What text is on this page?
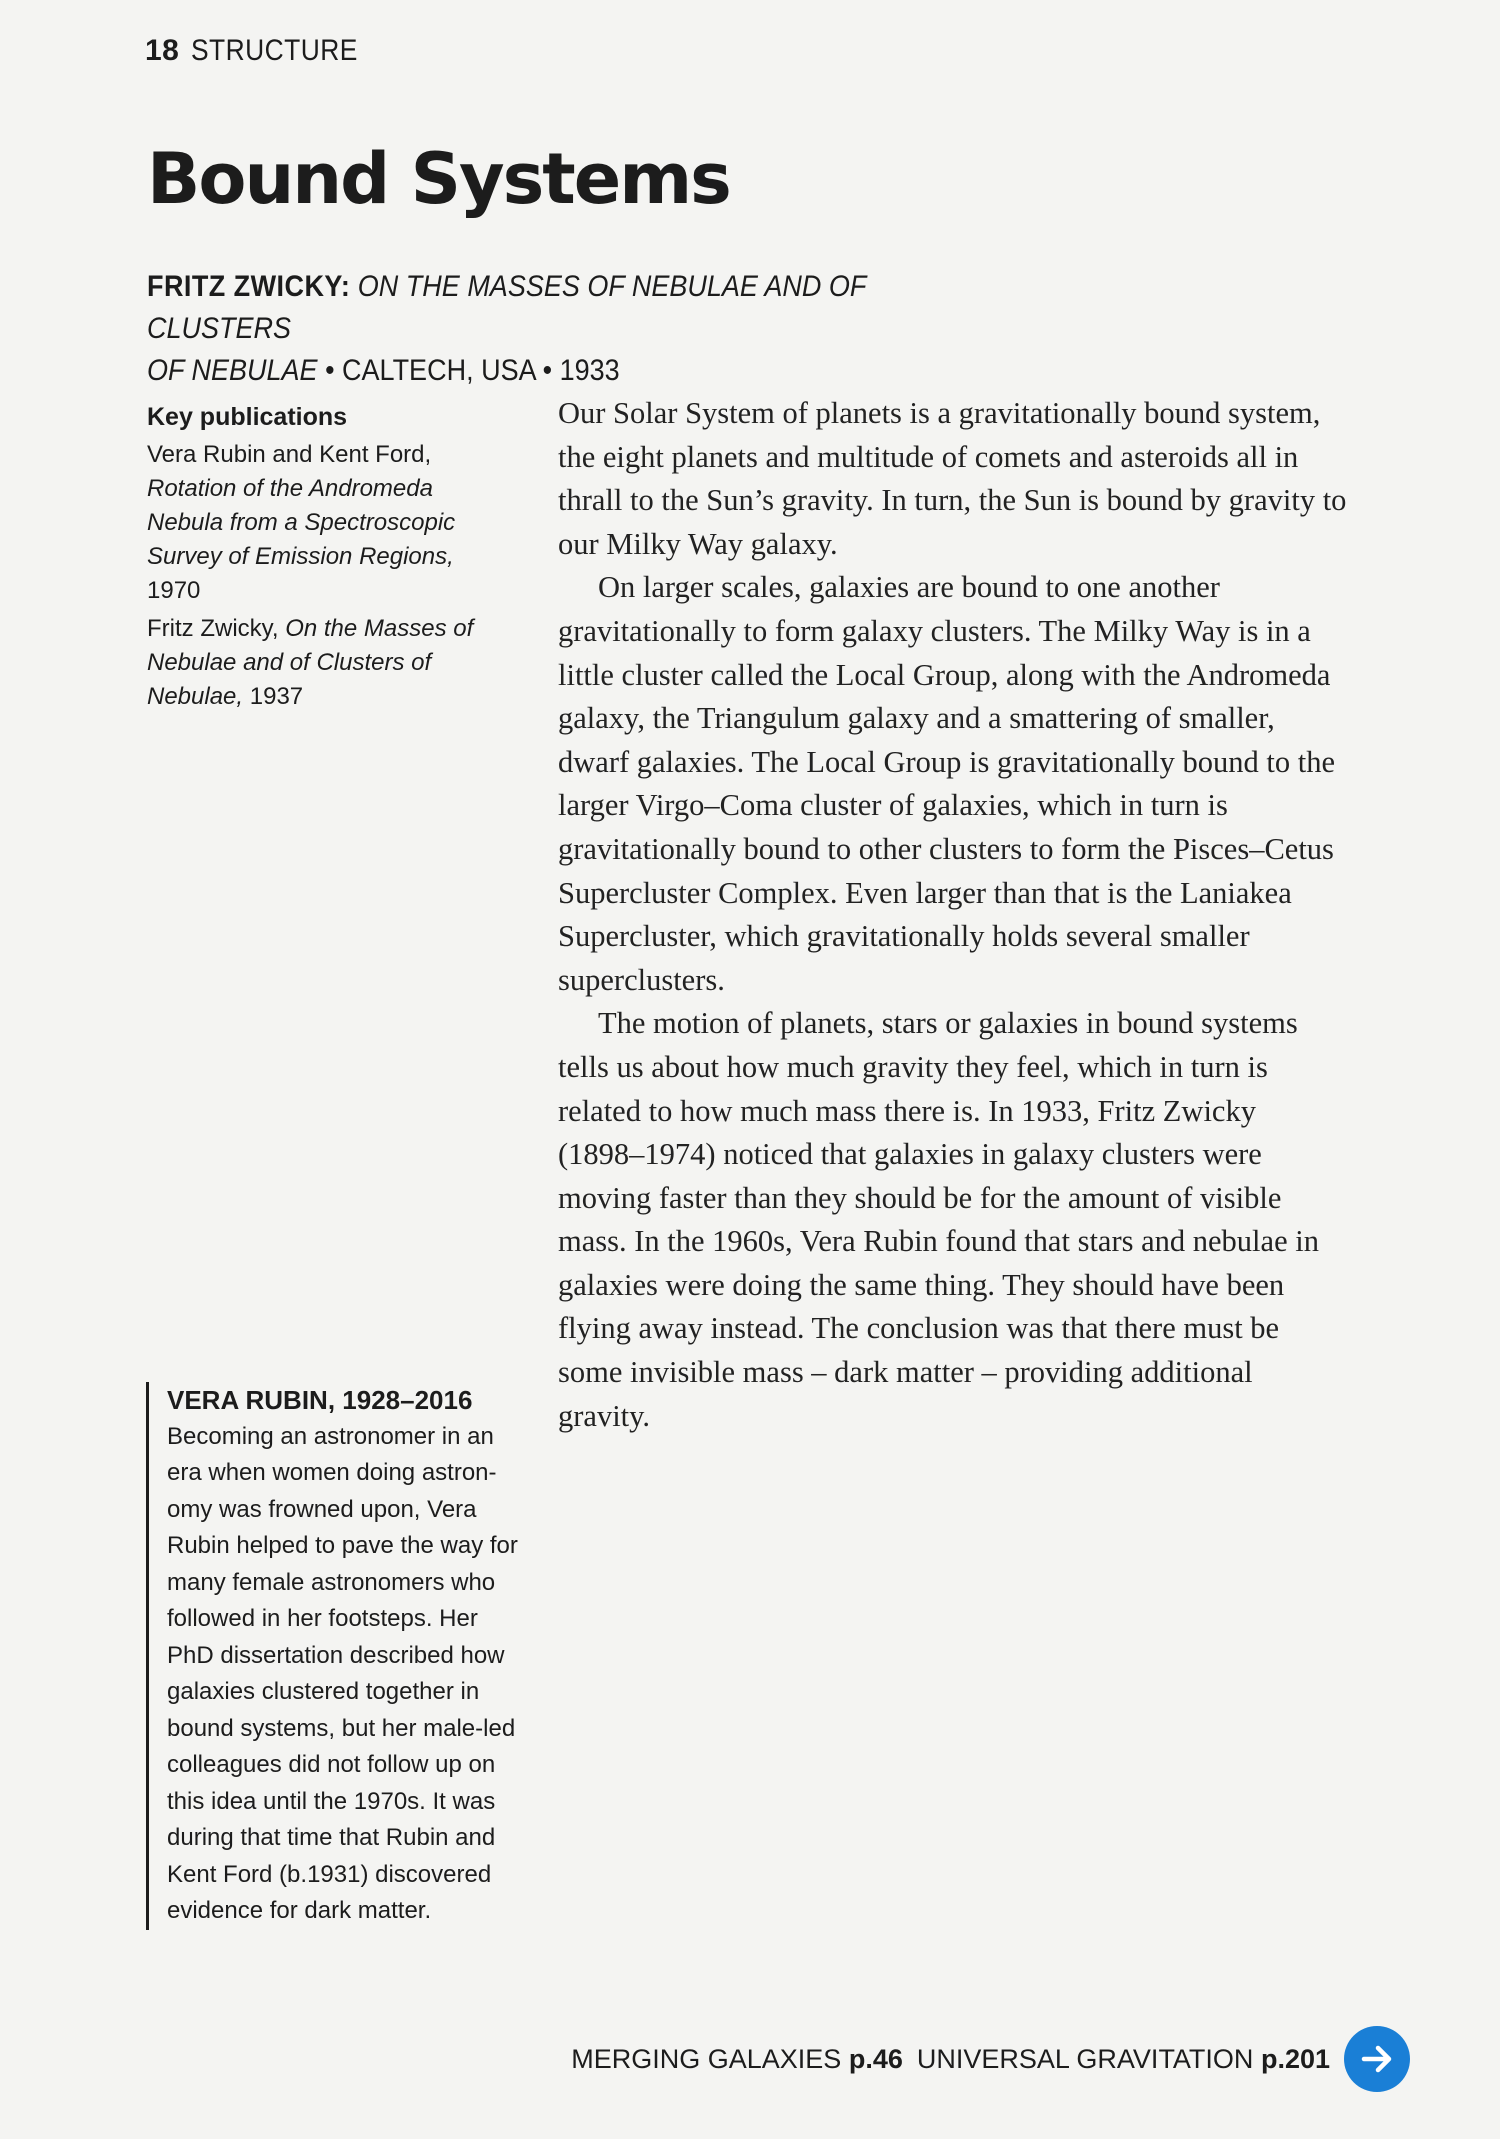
18 STRUCTURE
Bound Systems
FRITZ ZWICKY: ON THE MASSES OF NEBULAE AND OF CLUSTERS
OF NEBULAE • CALTECH, USA • 1933
Key publications
Vera Rubin and Kent Ford, Rotation of the Andromeda Nebula from a Spectroscopic Survey of Emission Regions, 1970
Fritz Zwicky, On the Masses of Nebulae and of Clusters of Nebulae, 1937
VERA RUBIN, 1928–2016
Becoming an astronomer in an era when women doing astron-omy was frowned upon, Vera Rubin helped to pave the way for many female astronomers who followed in her footsteps. Her PhD dissertation described how galaxies clustered together in bound systems, but her male-led colleagues did not follow up on this idea until the 1970s. It was during that time that Rubin and Kent Ford (b.1931) discovered evidence for dark matter.

Our Solar System of planets is a gravitationally bound system, the eight planets and multitude of comets and asteroids all in thrall to the Sun’s gravity. In turn, the Sun is bound by gravity to our Milky Way galaxy.

On larger scales, galaxies are bound to one another gravitationally to form galaxy clusters. The Milky Way is in a little cluster called the Local Group, along with the Andromeda galaxy, the Triangulum galaxy and a smattering of smaller, dwarf galaxies. The Local Group is gravitationally bound to the larger Virgo–Coma cluster of galaxies, which in turn is gravitationally bound to other clusters to form the Pisces–Cetus Supercluster Complex. Even larger than that is the Laniakea Supercluster, which gravitationally holds several smaller superclusters.

The motion of planets, stars or galaxies in bound systems tells us about how much gravity they feel, which in turn is related to how much mass there is. In 1933, Fritz Zwicky (1898–1974) noticed that galaxies in galaxy clusters were moving faster than they should be for the amount of visible mass. In the 1960s, Vera Rubin found that stars and nebulae in galaxies were doing the same thing. They should have been flying away instead. The conclusion was that there must be some invisible mass – dark matter – providing additional gravity.

MERGING GALAXIES p.46 UNIVERSAL GRAVITATION p.201
